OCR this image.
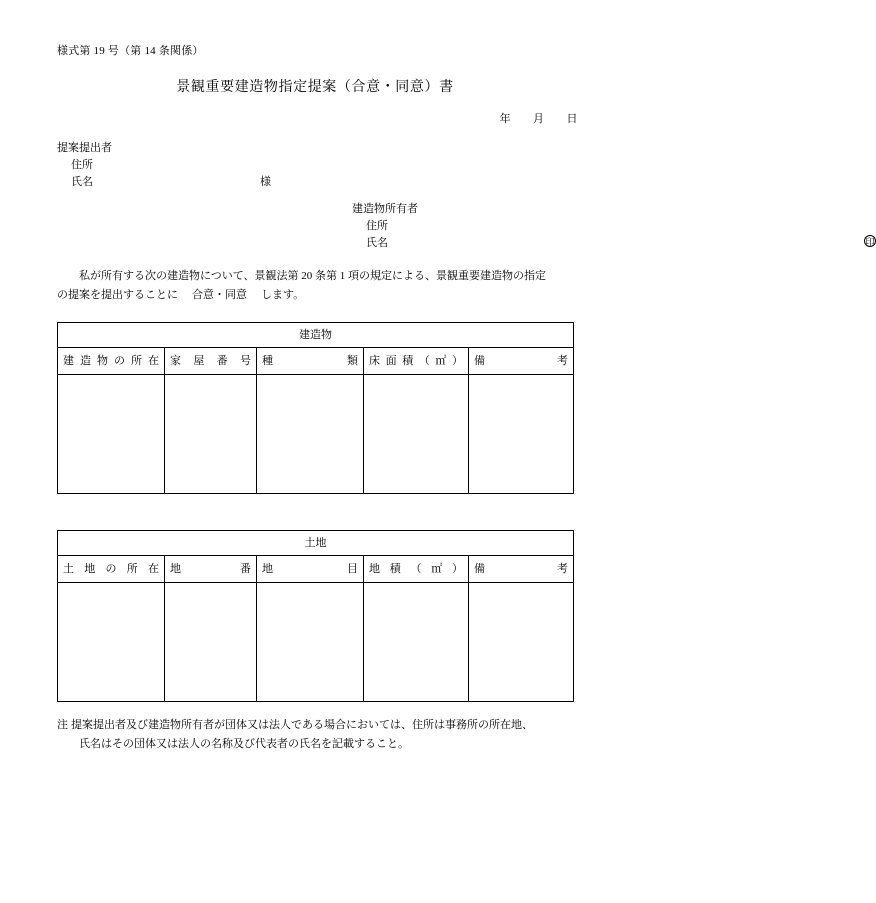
様式第 19 号（第 14 条関係）
景観重要建造物指定提案（合意・同意）書
年 月 日
提案提出者
住所
氏名	様
建造物所有者
住所
氏名	印
私が所有する次の建造物について、景観法第 20 条第 1 項の規定による、景観重要建造物の指定
の提案を提出することに 合意・同意 します。
建造物				

建造物の所在	家屋番号	種類	床面積（㎡）	備考

土地				

土地の所在	地番	地目	地積（㎡）	備考

注 提案提出者及び建造物所有者が団体又は法人である場合においては、住所は事務所の所在地、
氏名はその団体又は法人の名称及び代表者の氏名を記載すること。
